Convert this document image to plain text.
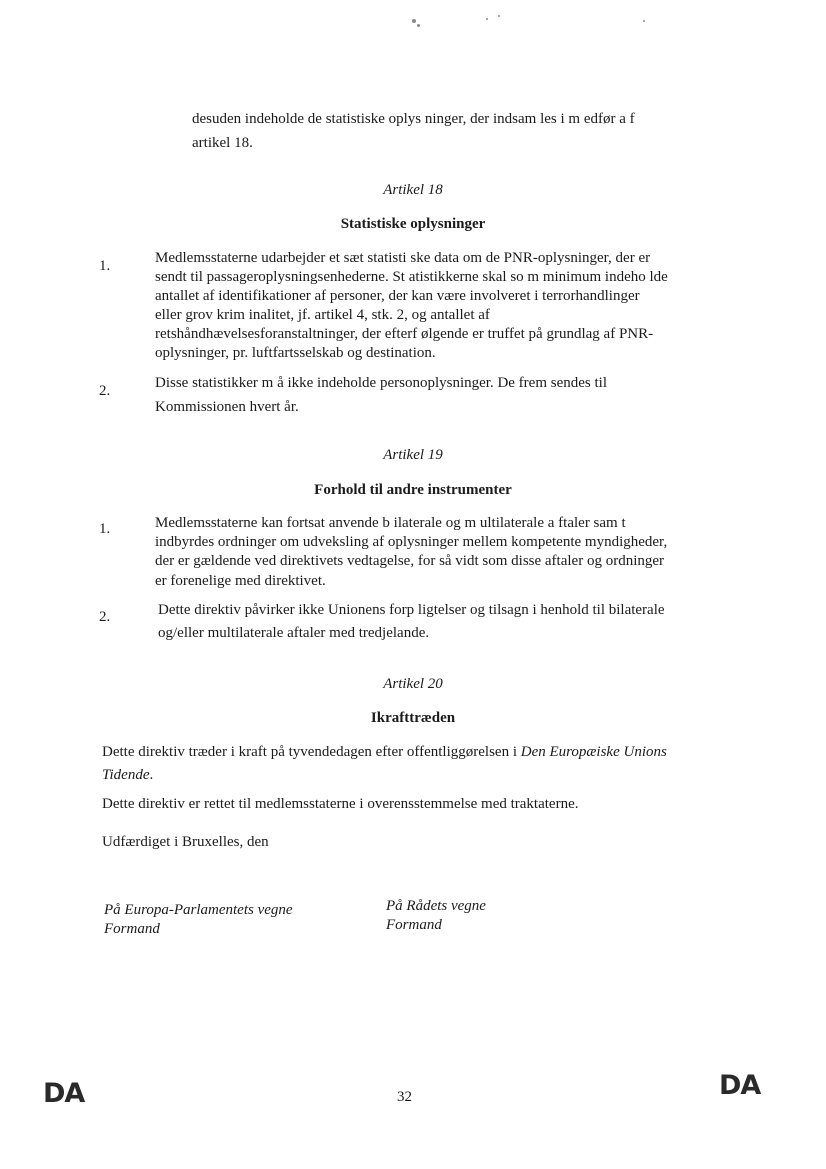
desuden indeholde de statistiske oplys ninger, der indsam les i m edfør a f
artikel 18.
Artikel 18
Statistiske oplysninger
1.	Medlemsstaterne udarbejder et sæt statisti ske data om de PNR-oplysninger, der er
sendt til passageroplysningsenhederne. St atistikkerne skal so m minimum indeho lde
antallet af identifikationer af personer, der kan være involveret i terrorhandlinger
eller grov krim inalitet, jf. artikel 4, stk. 2, og antallet af
retshåndhævelsesforanstaltninger, der efterf ølgende er truffet på grundlag af PNR-
oplysninger, pr. luftfartsselskab og destination.
2.	Disse statistikker m å ikke indeholde personoplysninger. De frem sendes til
Kommissionen hvert år.
Artikel 19
Forhold til andre instrumenter
1.	Medlemsstaterne kan fortsat anvende b ilaterale og m ultilaterale a ftaler sam t
indbyrdes ordninger om udveksling af oplysninger mellem kompetente myndigheder,
der er gældende ved direktivets vedtagelse, for så vidt som disse aftaler og ordninger
er forenelige med direktivet.
2.	Dette direktiv påvirker ikke Unionens forp ligtelser og tilsagn i henhold til bilaterale
og/eller multilaterale aftaler med tredjelande.
Artikel 20
Ikrafttræden
Dette direktiv træder i kraft på tyvendedagen efter offentliggørelsen i Den Europæiske Unions
Tidende.
Dette direktiv er rettet til medlemsstaterne i overensstemmelse med traktaterne.
Udfærdiget i Bruxelles, den
På Europa-Parlamentets vegne
Formand
På Rådets vegne
Formand
DA	32	DA
